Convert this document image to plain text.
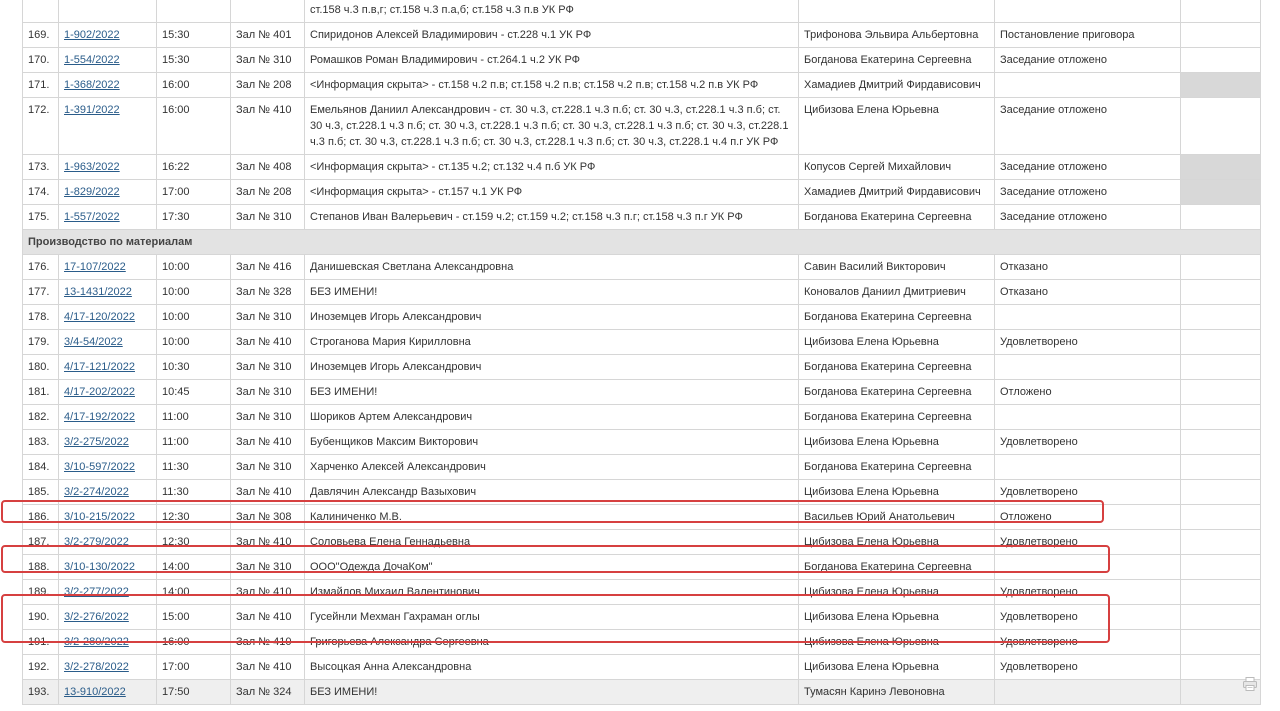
				ст.158 ч.3 п.в,г; ст.158 ч.3 п.а,б; ст.158 ч.3 п.в УК РФ			
169.	1-902/2022	15:30	Зал № 401	Спиридонов Алексей Владимирович - ст.228 ч.1 УК РФ	Трифонова Эльвира Альбертовна	Постановление приговора	
170.	1-554/2022	15:30	Зал № 310	Ромашков Роман Владимирович - ст.264.1 ч.2 УК РФ	Богданова Екатерина Сергеевна	Заседание отложено	
171.	1-368/2022	16:00	Зал № 208	<Информация скрыта> - ст.158 ч.2 п.в; ст.158 ч.2 п.в; ст.158 ч.2 п.в; ст.158 ч.2 п.в УК РФ	Хамадиев Дмитрий Фирдависович		
172.	1-391/2022	16:00	Зал № 410	Емельянов Даниил Александрович - ст. 30 ч.3, ст.228.1 ч.3 п.б; ст. 30 ч.3, ст.228.1 ч.3 п.б; ст. 30 ч.3, ст.228.1 ч.3 п.б; ст. 30 ч.3, ст.228.1 ч.3 п.б; ст. 30 ч.3, ст.228.1 ч.3 п.б; ст. 30 ч.3, ст.228.1 ч.3 п.б; ст. 30 ч.3, ст.228.1 ч.3 п.б; ст. 30 ч.3, ст.228.1 ч.3 п.б; ст. 30 ч.3, ст.228.1 ч.4 п.г УК РФ	Цибизова Елена Юрьевна	Заседание отложено	
173.	1-963/2022	16:22	Зал № 408	<Информация скрыта> - ст.135 ч.2; ст.132 ч.4 п.б УК РФ	Копусов Сергей Михайлович	Заседание отложено	
174.	1-829/2022	17:00	Зал № 208	<Информация скрыта> - ст.157 ч.1 УК РФ	Хамадиев Дмитрий Фирдависович	Заседание отложено	
175.	1-557/2022	17:30	Зал № 310	Степанов Иван Валерьевич - ст.159 ч.2; ст.159 ч.2; ст.158 ч.3 п.г; ст.158 ч.3 п.г УК РФ	Богданова Екатерина Сергеевна	Заседание отложено	
Производство по материалам							
176.	17-107/2022	10:00	Зал № 416	Данишевская Светлана Александровна	Савин Василий Викторович	Отказано	
177.	13-1431/2022	10:00	Зал № 328	БЕЗ ИМЕНИ!	Коновалов Даниил Дмитриевич	Отказано	
178.	4/17-120/2022	10:00	Зал № 310	Иноземцев Игорь Александрович	Богданова Екатерина Сергеевна		
179.	3/4-54/2022	10:00	Зал № 410	Строганова Мария Кирилловна	Цибизова Елена Юрьевна	Удовлетворено	
180.	4/17-121/2022	10:30	Зал № 310	Иноземцев Игорь Александрович	Богданова Екатерина Сергеевна		
181.	4/17-202/2022	10:45	Зал № 310	БЕЗ ИМЕНИ!	Богданова Екатерина Сергеевна	Отложено	
182.	4/17-192/2022	11:00	Зал № 310	Шориков Артем Александрович	Богданова Екатерина Сергеевна		
183.	3/2-275/2022	11:00	Зал № 410	Бубенщиков Максим Викторович	Цибизова Елена Юрьевна	Удовлетворено	
184.	3/10-597/2022	11:30	Зал № 310	Харченко Алексей Александрович	Богданова Екатерина Сергеевна		
185.	3/2-274/2022	11:30	Зал № 410	Давлячин Александр Вазыхович	Цибизова Елена Юрьевна	Удовлетворено	
186.	3/10-215/2022	12:30	Зал № 308	Калиниченко М.В.	Васильев Юрий Анатольевич	Отложено	
187.	3/2-279/2022	12:30	Зал № 410	Соловьева Елена Геннадьевна	Цибизова Елена Юрьевна	Удовлетворено	
188.	3/10-130/2022	14:00	Зал № 310	ООО"Одежда ДочаКом"	Богданова Екатерина Сергеевна		
189.	3/2-277/2022	14:00	Зал № 410	Измайлов Михаил Валентинович	Цибизова Елена Юрьевна	Удовлетворено	
190.	3/2-276/2022	15:00	Зал № 410	Гусейнли Мехман Гахраман оглы	Цибизова Елена Юрьевна	Удовлетворено	
191.	3/2-280/2022	16:00	Зал № 410	Григорьева Александра Сергеевна	Цибизова Елена Юрьевна	Удовлетворено	
192.	3/2-278/2022	17:00	Зал № 410	Высоцкая Анна Александровна	Цибизова Елена Юрьевна	Удовлетворено	
193.	13-910/2022	17:50	Зал № 324	БЕЗ ИМЕНИ!	Тумасян Каринэ Левоновна		
